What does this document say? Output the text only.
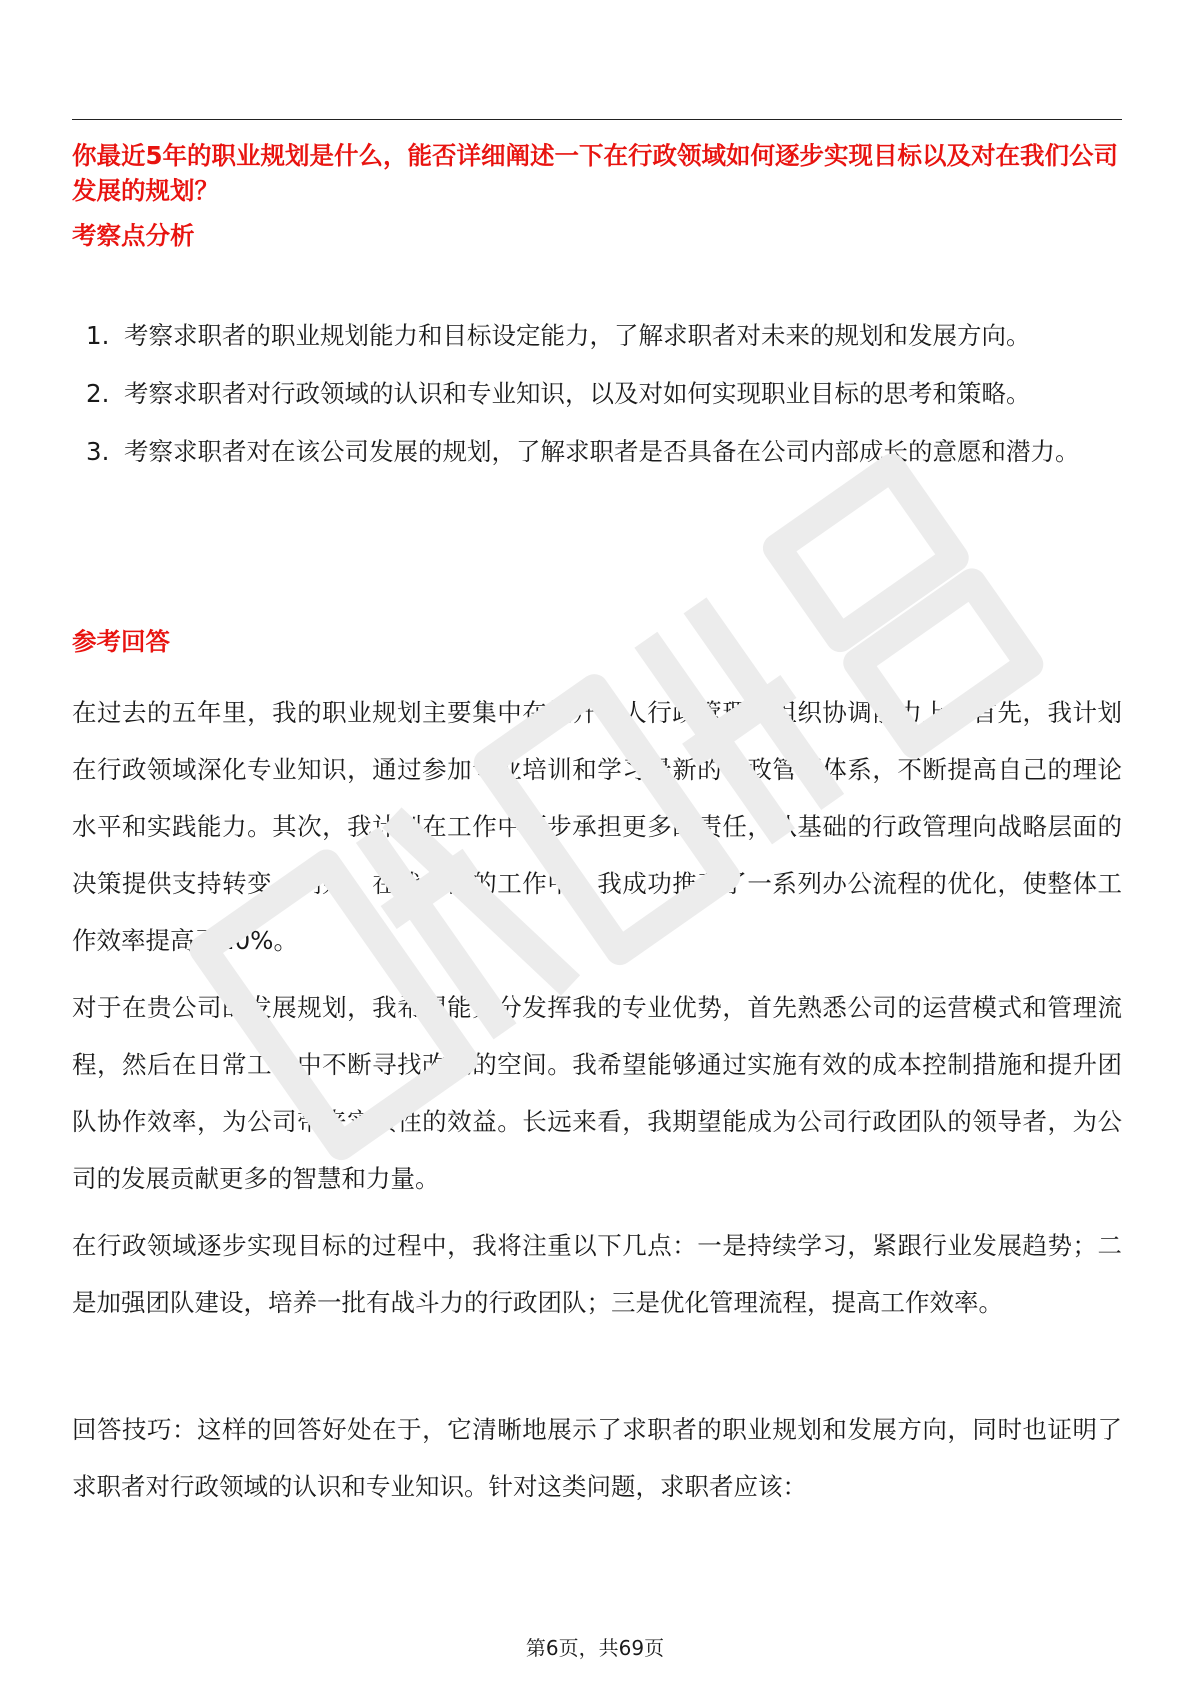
你最近5年的职业规划是什么，能否详细阐述一下在行政领域如何逐步实现目标以及对在我们公司发展的规划？

考察点分析
1. 考察求职者的职业规划能力和目标设定能力，了解求职者对未来的规划和发展方向。
2. 考察求职者对行政领域的认识和专业知识，以及对如何实现职业目标的思考和策略。
3. 考察求职者对在该公司发展的规划，了解求职者是否具备在公司内部成长的意愿和潜力。
参考回答

在过去的五年里，我的职业规划主要集中在提升个人行政管理和组织协调能力上。首先，我计划在行政领域深化专业知识，通过参加专业培训和学习最新的行政管理体系，不断提高自己的理论水平和实践能力。其次，我计划在工作中逐步承担更多的责任，从基础的行政管理向战略层面的决策提供支持转变。例如，在我之前的工作中，我成功推动了一系列办公流程的优化，使整体工作效率提高了20%。

对于在贵公司的发展规划，我希望能充分发挥我的专业优势，首先熟悉公司的运营模式和管理流程，然后在日常工作中不断寻找改进的空间。我希望能够通过实施有效的成本控制措施和提升团队协作效率，为公司带来实质性的效益。长远来看，我期望能成为公司行政团队的领导者，为公司的发展贡献更多的智慧和力量。

在行政领域逐步实现目标的过程中，我将注重以下几点：一是持续学习，紧跟行业发展趋势；二是加强团队建设，培养一批有战斗力的行政团队；三是优化管理流程，提高工作效率。

回答技巧：这样的回答好处在于，它清晰地展示了求职者的职业规划和发展方向，同时也证明了求职者对行政领域的认识和专业知识。针对这类问题，求职者应该：

第6页，共69页
